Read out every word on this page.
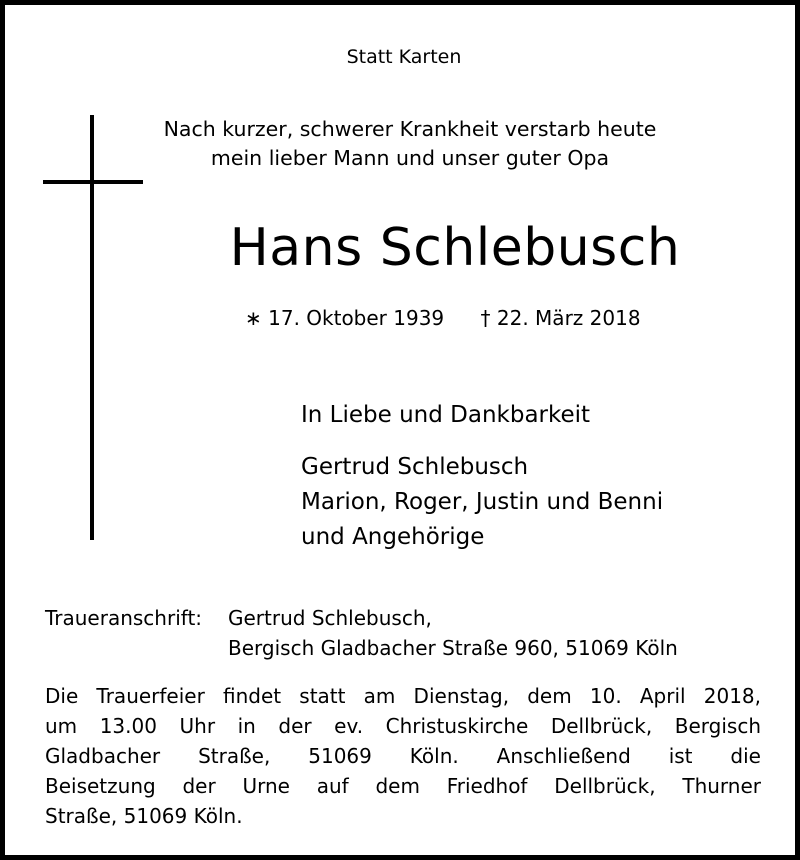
Statt Karten
Nach kurzer, schwerer Krankheit verstarb heute
mein lieber Mann und unser guter Opa
Hans Schlebusch
∗ 17. Oktober 1939 † 22. März 2018
In Liebe und Dankbarkeit
Gertrud Schlebusch
Marion, Roger, Justin und Benni
und Angehörige
Traueranschrift: Gertrud Schlebusch,
Bergisch Gladbacher Straße 960, 51069 Köln
Die Trauerfeier findet statt am Dienstag, dem 10. April 2018,
um 13.00 Uhr in der ev. Christuskirche Dellbrück, Bergisch
Gladbacher Straße, 51069 Köln. Anschließend ist die
Beisetzung der Urne auf dem Friedhof Dellbrück, Thurner
Straße, 51069 Köln.
